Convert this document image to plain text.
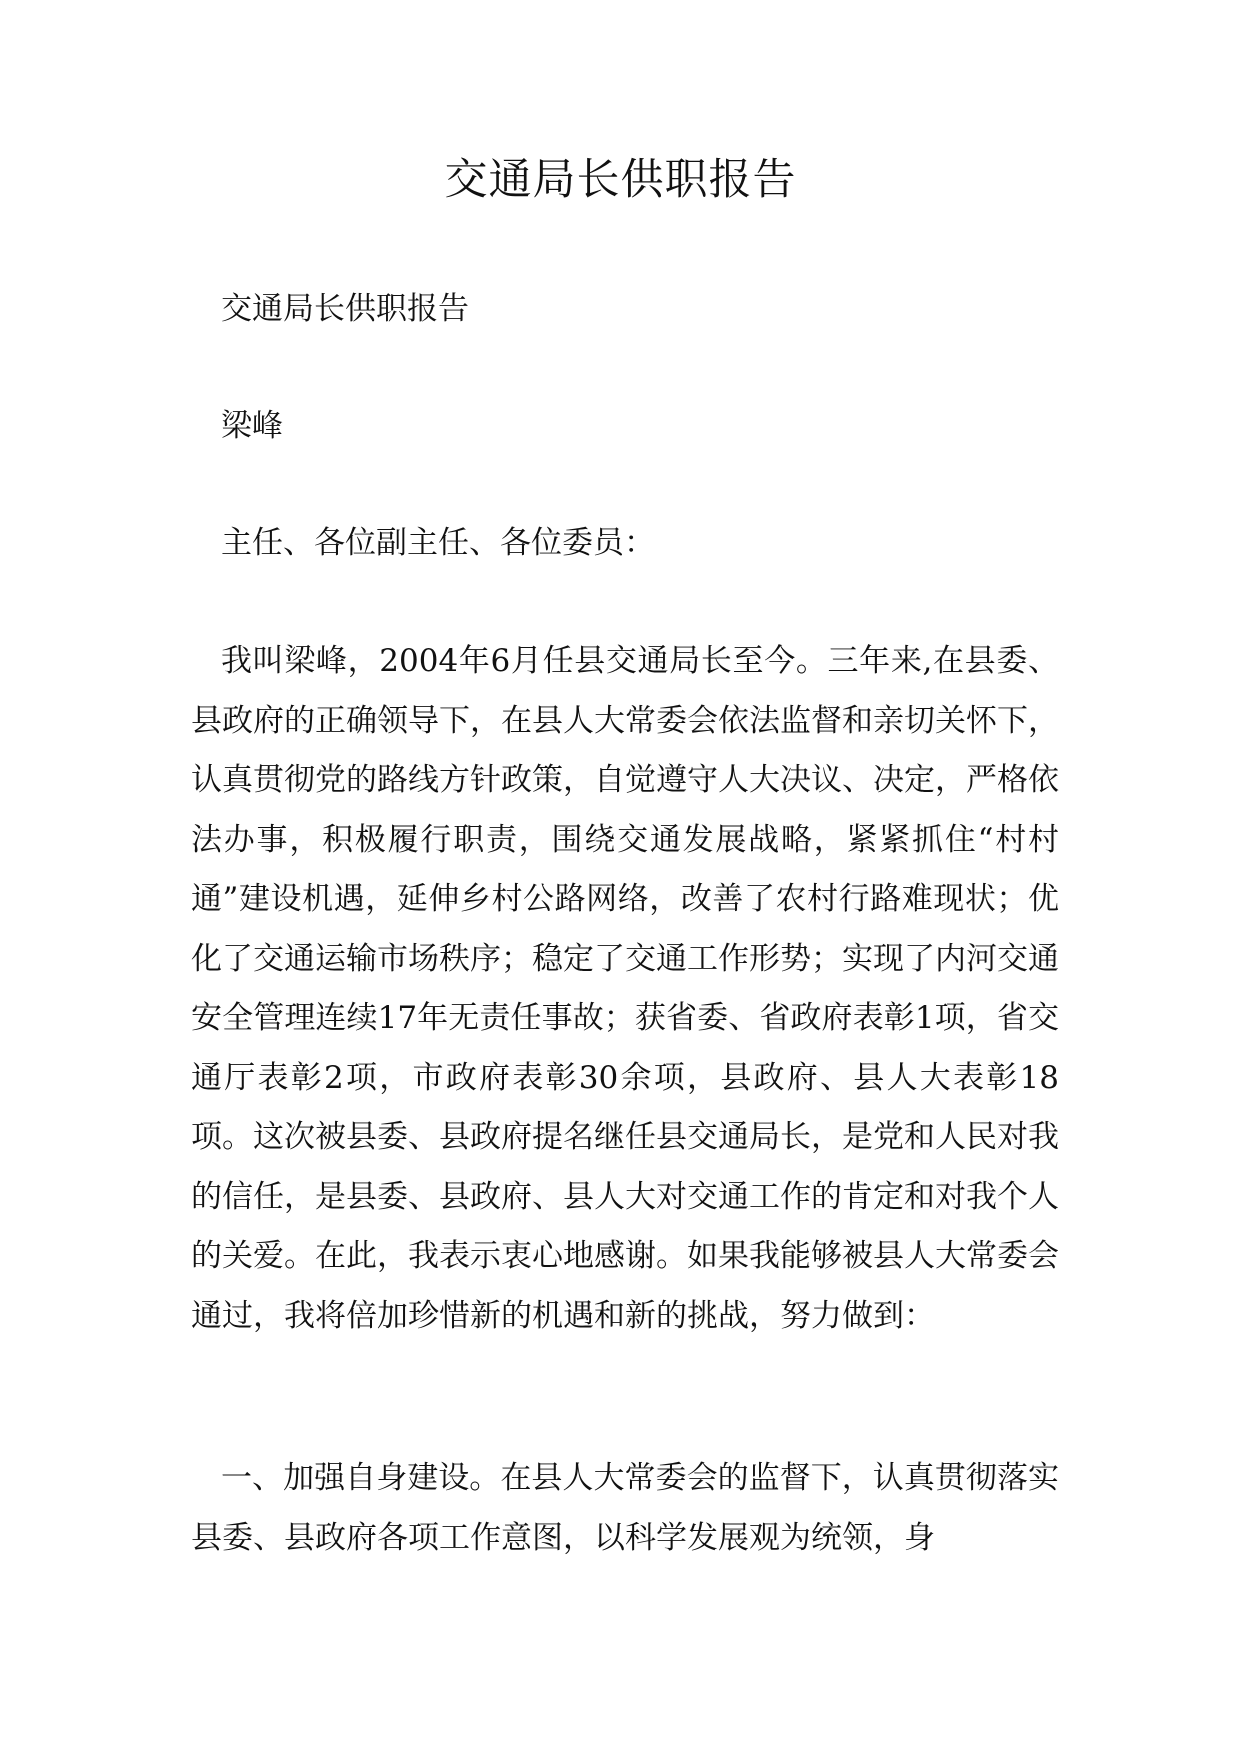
交通局长供职报告

交通局长供职报告

梁峰

主任、各位副主任、各位委员：

我叫梁峰，2004年6月任县交通局长至今。三年来,在县委、县政府的正确领导下，在县人大常委会依法监督和亲切关怀下，认真贯彻党的路线方针政策，自觉遵守人大决议、决定，严格依法办事，积极履行职责，围绕交通发展战略，紧紧抓住“村村通”建设机遇，延伸乡村公路网络，改善了农村行路难现状；优化了交通运输市场秩序；稳定了交通工作形势；实现了内河交通安全管理连续17年无责任事故；获省委、省政府表彰1项，省交通厅表彰2项，市政府表彰30余项，县政府、县人大表彰18项。这次被县委、县政府提名继任县交通局长，是党和人民对我的信任，是县委、县政府、县人大对交通工作的肯定和对我个人的关爱。在此，我表示衷心地感谢。如果我能够被县人大常委会通过，我将倍加珍惜新的机遇和新的挑战，努力做到：

一、加强自身建设。在县人大常委会的监督下，认真贯彻落实县委、县政府各项工作意图，以科学发展观为统领，身
